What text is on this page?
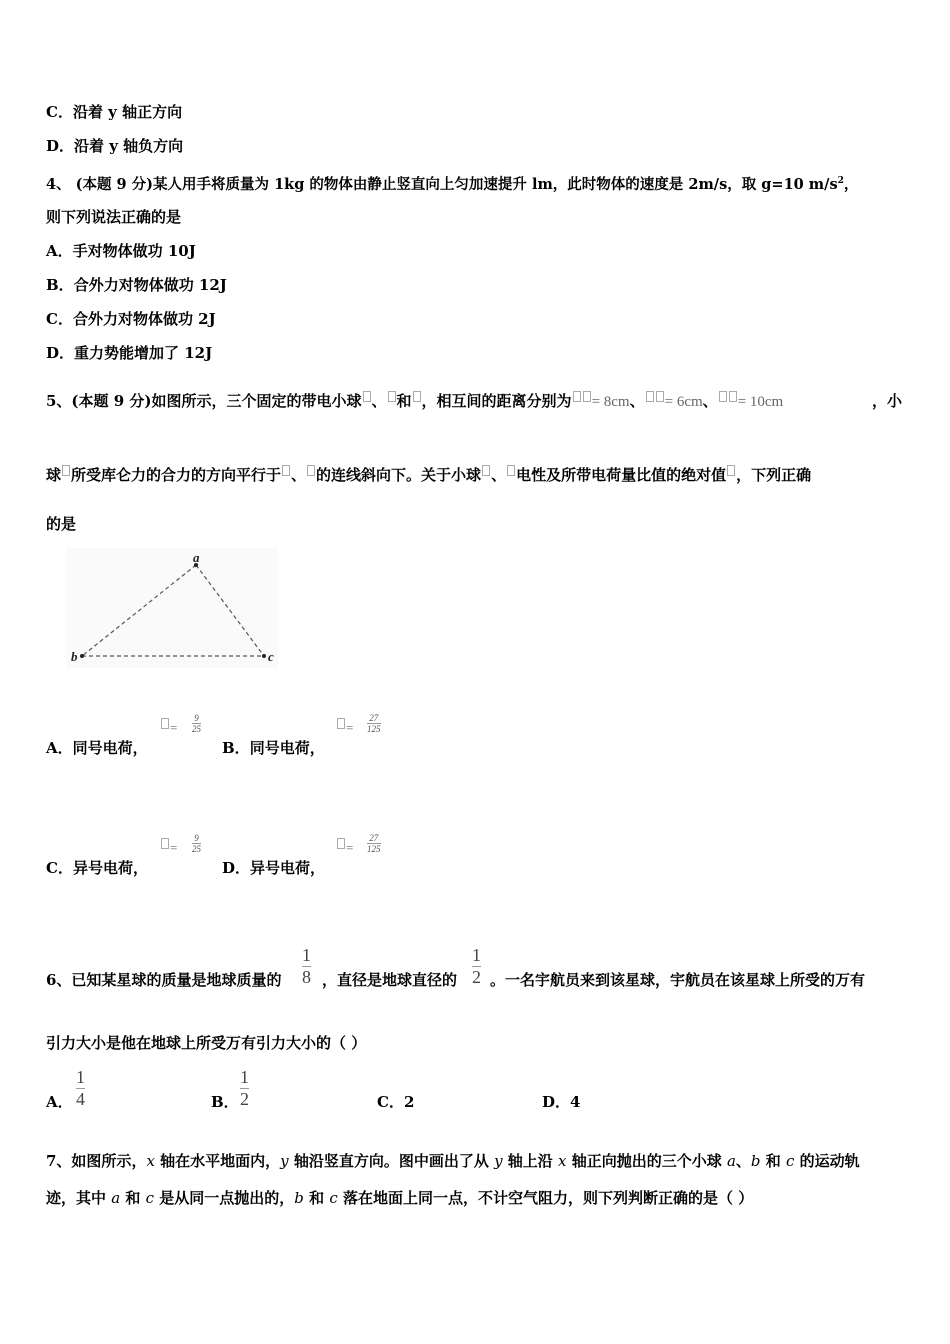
C．沿着 y 轴正方向
D．沿着 y 轴负方向
4、 (本题 9 分)某人用手将质量为 1kg 的物体由静止竖直向上匀加速提升 lm，此时物体的速度是 2m/s，取 g=10 $m/s^2$，
则下列说法正确的是
A．手对物体做功 10J
B．合外力对物体做功 12J
C．合外力对物体做功 2J
D．重力势能增加了 12J
5、(本题 9 分)如图所示，三个固定的带电小球 、 和 ，相互间的距离分别为 = 8cm、 = 6cm、 = 10cm	，小
球 所受库仑力的合力的方向平行于 、 的连线斜向下。关于小球 、 电性及所带电荷量比值的绝对值 ，下列正确
的是
a
b	c
A．同号电荷，
=
9
25
B．同号电荷，
=
27
125
C．异号电荷，
=
9
25
D．异号电荷，
=
27
125
6、已知某星球的质量是地球质量的
1
8 ，直径是地球直径的
1
2 。一名宇航员来到该星球，宇航员在该星球上所受的万有
引力大小是他在地球上所受万有引力大小的（ ）
A．
1
4	B．
1
2	C．2	D．4
7、如图所示，x 轴在水平地面内，y 轴沿竖直方向。图中画出了从 y 轴上沿 x 轴正向抛出的三个小球 a、b 和 c 的运动轨
迹，其中 a 和 c 是从同一点抛出的，b 和 c 落在地面上同一点，不计空气阻力，则下列判断正确的是（ ）
